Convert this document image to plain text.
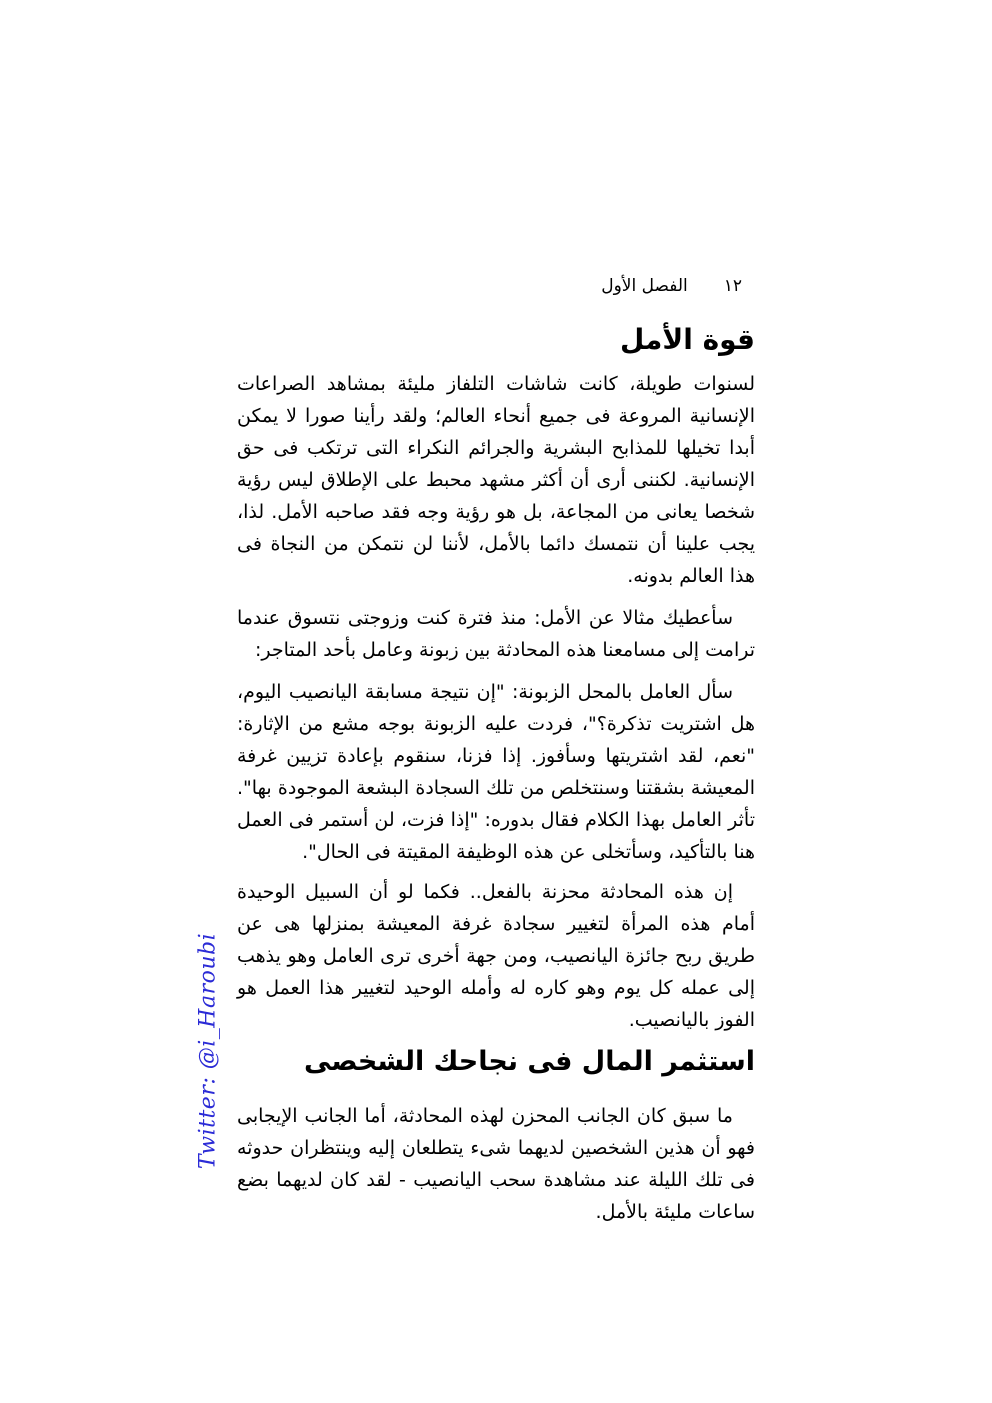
١٢
الفصل الأول
قوة الأمل

لسنوات طويلة، كانت شاشات التلفاز مليئة بمشاهد الصراعات الإنسانية المروعة فى جميع أنحاء العالم؛ ولقد رأينا صورا لا يمكن أبدا تخيلها للمذابح البشرية والجرائم النكراء التى ترتكب فى حق الإنسانية. لكننى أرى أن أكثر مشهد محبط على الإطلاق ليس رؤية شخصا يعانى من المجاعة، بل هو رؤية وجه فقد صاحبه الأمل. لذا، يجب علينا أن نتمسك دائما بالأمل، لأننا لن نتمكن من النجاة فى هذا العالم بدونه.

سأعطيك مثالا عن الأمل: منذ فترة كنت وزوجتى نتسوق عندما ترامت إلى مسامعنا هذه المحادثة بين زبونة وعامل بأحد المتاجر:

سأل العامل بالمحل الزبونة: "إن نتيجة مسابقة اليانصيب اليوم، هل اشتريت تذكرة؟"، فردت عليه الزبونة بوجه مشع من الإثارة: "نعم، لقد اشتريتها وسأفوز. إذا فزنا، سنقوم بإعادة تزيين غرفة المعيشة بشقتنا وسنتخلص من تلك السجادة البشعة الموجودة بها". تأثر العامل بهذا الكلام فقال بدوره: "إذا فزت، لن أستمر فى العمل هنا بالتأكيد، وسأتخلى عن هذه الوظيفة المقيتة فى الحال".

إن هذه المحادثة محزنة بالفعل.. فكما لو أن السبيل الوحيدة أمام هذه المرأة لتغيير سجادة غرفة المعيشة بمنزلها هى عن طريق ربح جائزة اليانصيب، ومن جهة أخرى ترى العامل وهو يذهب إلى عمله كل يوم وهو كاره له وأمله الوحيد لتغيير هذا العمل هو الفوز باليانصيب.

استثمر المال فى نجاحك الشخصى

ما سبق كان الجانب المحزن لهذه المحادثة، أما الجانب الإيجابى فهو أن هذين الشخصين لديهما شىء يتطلعان إليه وينتظران حدوثه فى تلك الليلة عند مشاهدة سحب اليانصيب - لقد كان لديهما بضع ساعات مليئة بالأمل.

Twitter: @i_Haroubi
